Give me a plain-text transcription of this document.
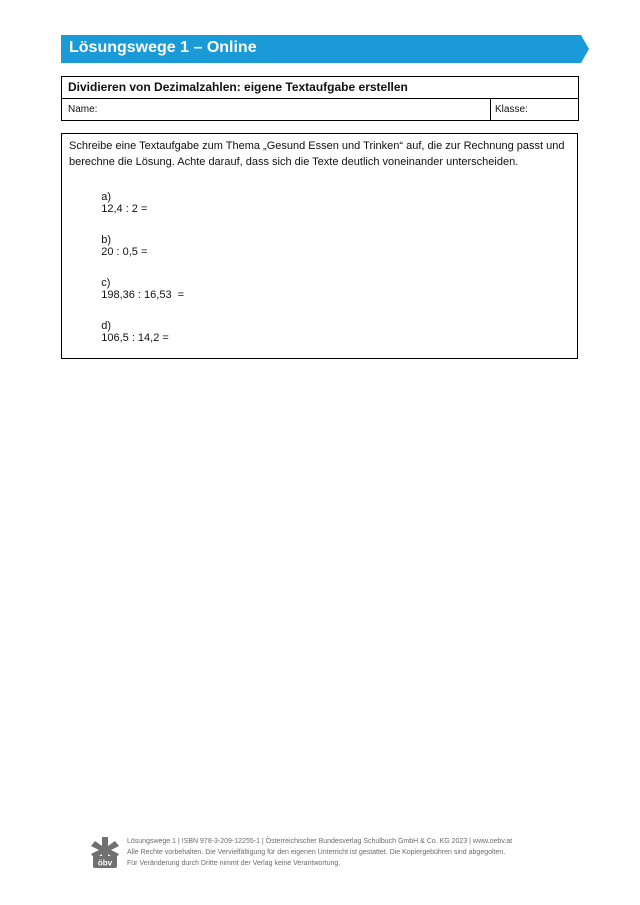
Lösungswege 1 – Online
Dividieren von Dezimalzahlen: eigene Textaufgabe erstellen
Name:	Klasse:
Schreibe eine Textaufgabe zum Thema „Gesund Essen und Trinken“ auf, die zur Rechnung passt und berechne die Lösung. Achte darauf, dass sich die Texte deutlich voneinander unterscheiden.

a)
12,4 : 2 =

b)
20 : 0,5 =

c)
198,36 : 16,53  =

d)
106,5 : 14,2 =

öbv
Lösungswege 1 | ISBN 978-3-209-12255-1 | Österreichischer Bundesverlag Schulbuch GmbH & Co. KG 2023 | www.oebv.at
Alle Rechte vorbehalten. Die Vervielfältigung für den eigenen Unterricht ist gestattet. Die Kopiergebühren sind abgegolten.
Für Veränderung durch Dritte nimmt der Verlag keine Verantwortung.
